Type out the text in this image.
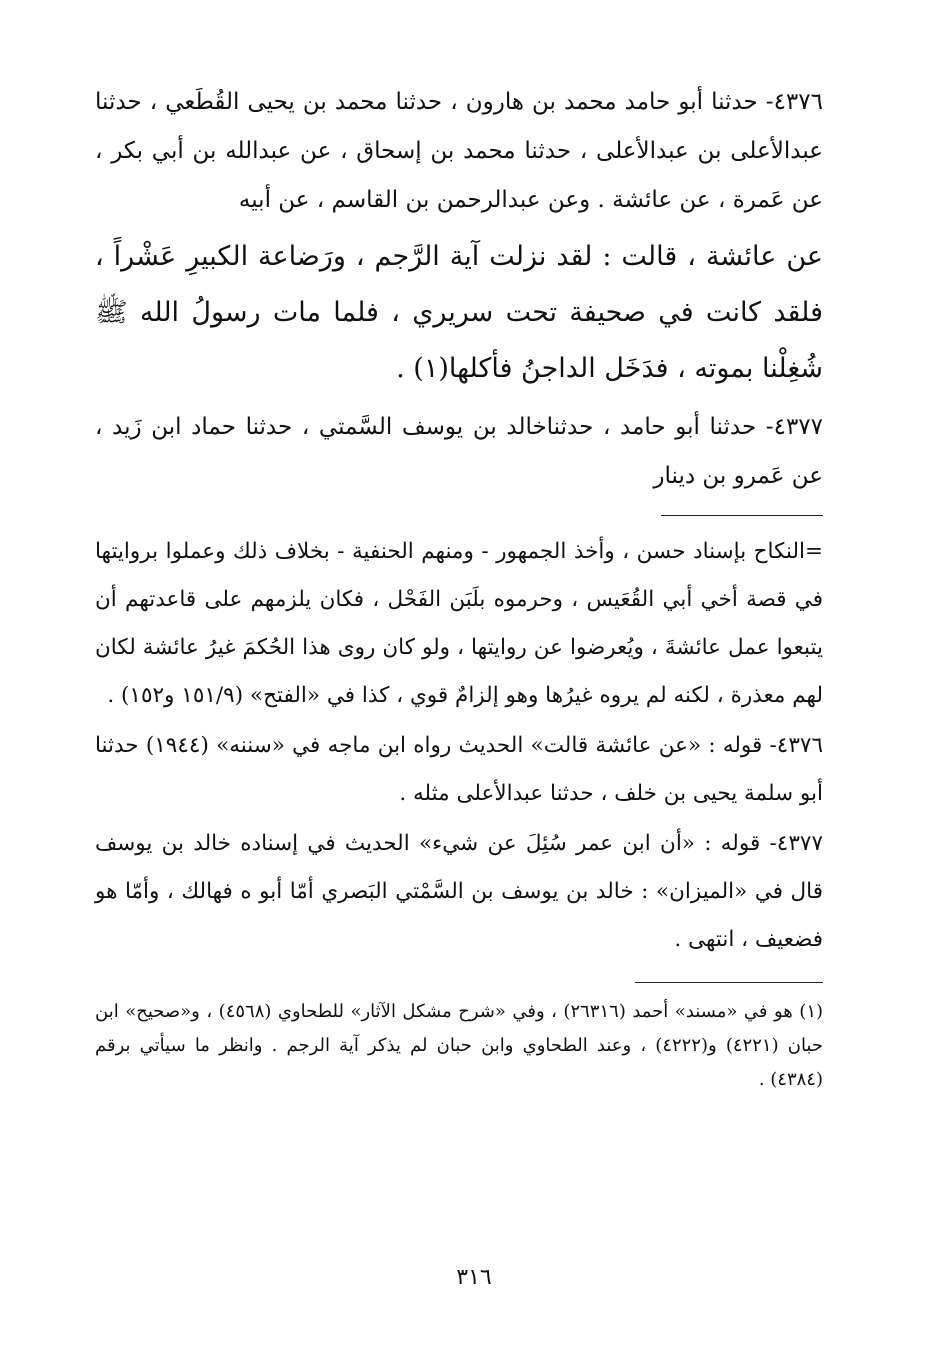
٤٣٧٦- حدثنا أبو حامد محمد بن هارون ، حدثنا محمد بن يحيى القُطَعي ، حدثنا عبدالأعلى بن عبدالأعلى ، حدثنا محمد بن إسحاق ، عن عبدالله بن أبي بكر ، عن عَمرة ، عن عائشة . وعن عبدالرحمن بن القاسم ، عن أبيه

عن عائشة ، قالت : لقد نزلت آية الرَّجم ، ورَضاعة الكبيرِ عَشْراً ، فلقد كانت في صحيفة تحت سريري ، فلما مات رسولُ الله ﷺ شُغِلْنا بموته ، فدَخَل الداجنُ فأكلها(١) .

٤٣٧٧- حدثنا أبو حامد ، حدثناخالد بن يوسف السَّمتي ، حدثنا حماد ابن زَيد ، عن عَمرو بن دينار

=النكاح بإسناد حسن ، وأخذ الجمهور - ومنهم الحنفية - بخلاف ذلك وعملوا بروايتها في قصة أخي أبي القُعَيس ، وحرموه بلَبَن الفَحْل ، فكان يلزمهم على قاعدتهم أن يتبعوا عمل عائشةَ ، ويُعرضوا عن روايتها ، ولو كان روى هذا الحُكمَ غيرُ عائشة لكان لهم معذرة ، لكنه لم يروه غيرُها وهو إلزامٌ قوي ، كذا في «الفتح» (١٥١/٩ و١٥٢) .

٤٣٧٦- قوله : «عن عائشة قالت» الحديث رواه ابن ماجه في «سننه» (١٩٤٤) حدثنا أبو سلمة يحيى بن خلف ، حدثنا عبدالأعلى مثله .

٤٣٧٧- قوله : «أن ابن عمر سُئِلَ عن شيء» الحديث في إسناده خالد بن يوسف قال في «الميزان» : خالد بن يوسف بن السَّمْتي البَصري أمّا أبو ه فهالك ، وأمّا هو فضعيف ، انتهى .

(١) هو في «مسند» أحمد (٢٦٣١٦) ، وفي «شرح مشكل الآثار» للطحاوي (٤٥٦٨) ، و«صحيح» ابن حبان (٤٢٢١) و(٤٢٢٢) ، وعند الطحاوي وابن حبان لم يذكر آية الرجم . وانظر ما سيأتي برقم (٤٣٨٤) .

٣١٦
